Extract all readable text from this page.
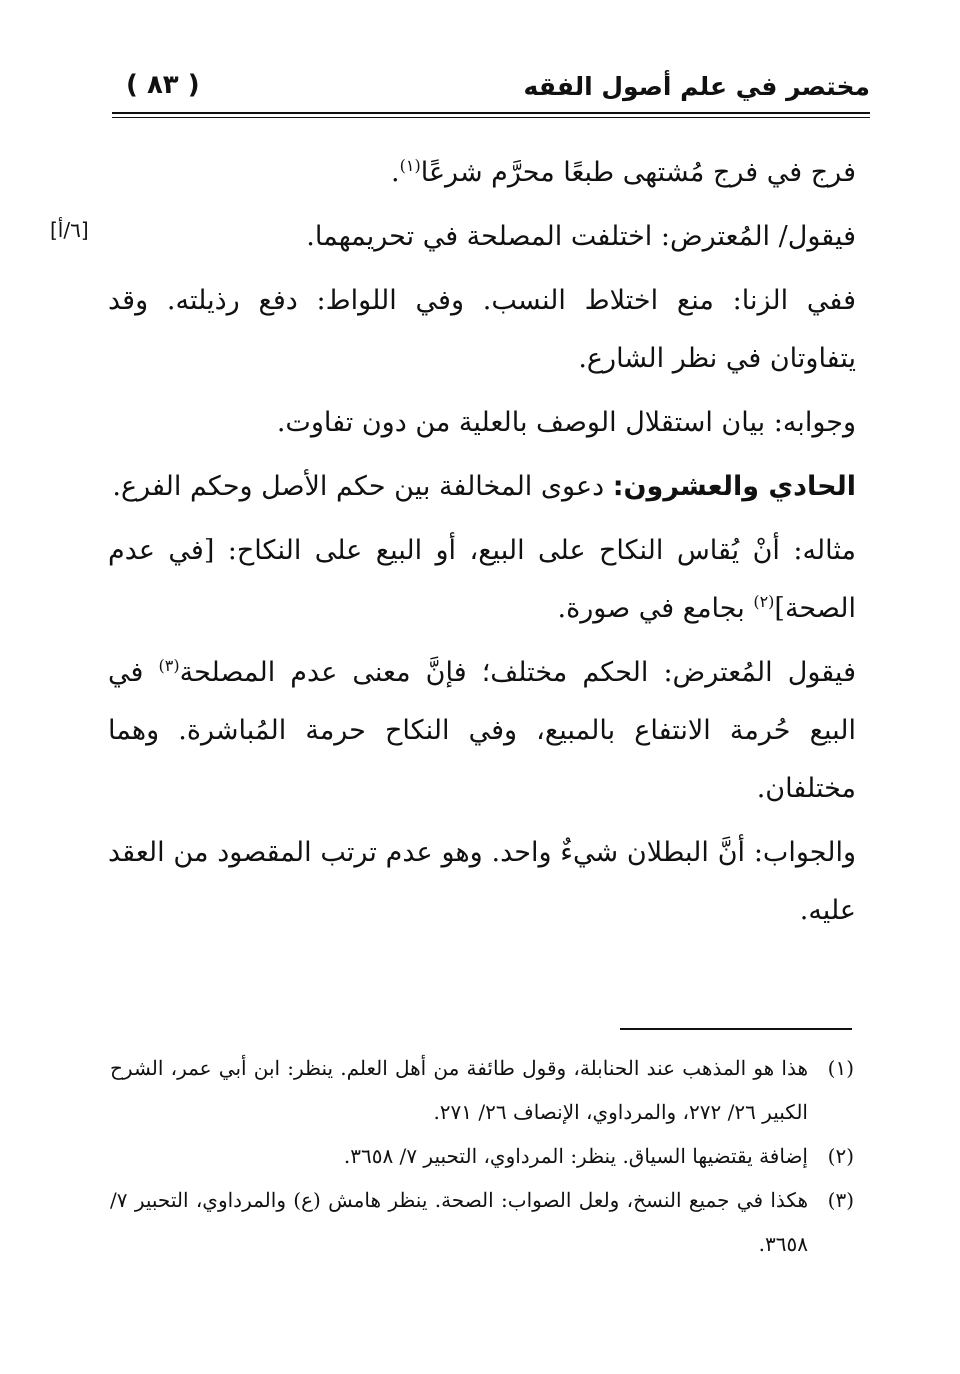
مختصر في علم أصول الفقه
( ٨٣ )
[٦/أ]

فرج في فرج مُشتهى طبعًا محرَّم شرعًا$^{(١)}$.

فيقول/ المُعترض: اختلفت المصلحة في تحريمهما.

ففي الزنا: منع اختلاط النسب. وفي اللواط: دفع رذيلته. وقد يتفاوتان في نظر الشارع.

وجوابه: بيان استقلال الوصف بالعلية من دون تفاوت.

الحادي والعشرون: دعوى المخالفة بين حكم الأصل وحكم الفرع.

مثاله: أنْ يُقاس النكاح على البيع، أو البيع على النكاح: [في عدم الصحة]$^{(٢)}$ بجامع في صورة.

فيقول المُعترض: الحكم مختلف؛ فإنَّ معنى عدم المصلحة$^{(٣)}$ في البيع حُرمة الانتفاع بالمبيع، وفي النكاح حرمة المُباشرة. وهما مختلفان.

والجواب: أنَّ البطلان شيءٌ واحد. وهو عدم ترتب المقصود من العقد عليه.

(١)
هذا هو المذهب عند الحنابلة، وقول طائفة من أهل العلم. ينظر: ابن أبي عمر، الشرح الكبير ٢٦/ ٢٧٢، والمرداوي، الإنصاف ٢٦/ ٢٧١.
(٢)
إضافة يقتضيها السياق. ينظر: المرداوي، التحبير ٧/ ٣٦٥٨.
(٣)
هكذا في جميع النسخ، ولعل الصواب: الصحة. ينظر هامش (ع) والمرداوي، التحبير ٧/ ٣٦٥٨.
